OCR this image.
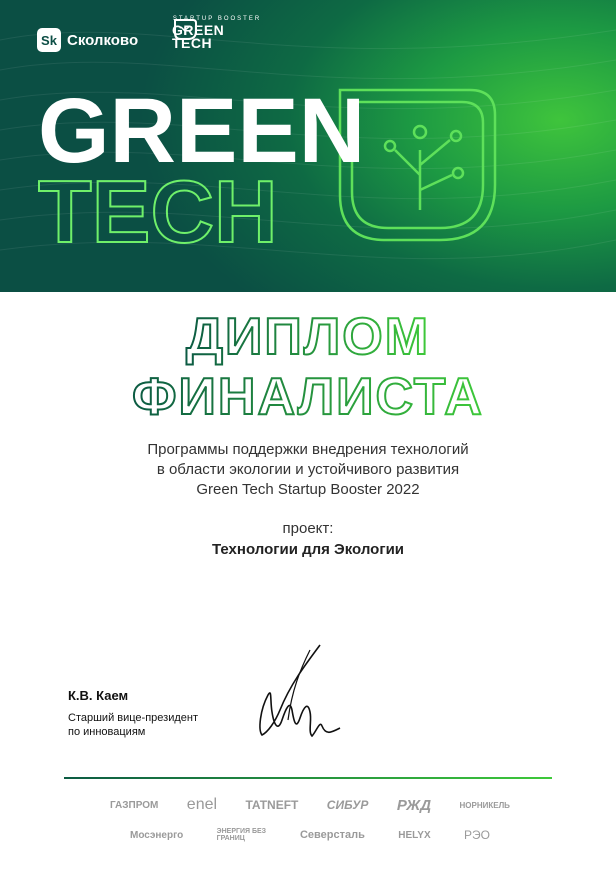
GREEN
TECH
Sk Сколково
STARTUP BOOSTER
GREEN
TECH
ДИПЛОМ
ФИНАЛИСТА
Программы поддержки внедрения технологий
в области экологии и устойчивого развития
Green Tech Startup Booster 2022
проект:
Технологии для Экологии
К.В. Каем
Старший вице-президент
по инновациям
ГАЗПРОМ enel TATNEFT СИБУР РЖД	НОРНИКЕЛЬ
Мосэнерго	ЭНЕРГИЯ БЕЗ ГРАНИЦ	Северсталь	HELYX	РЭО
